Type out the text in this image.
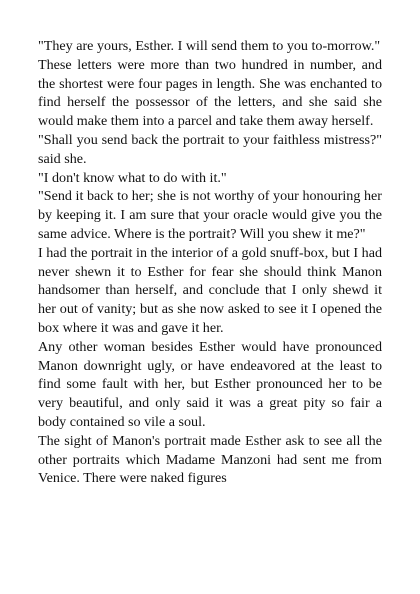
"They are yours, Esther. I will send them to you to-morrow."

These letters were more than two hundred in number, and the shortest were four pages in length. She was enchanted to find herself the possessor of the letters, and she said she would make them into a parcel and take them away herself.

"Shall you send back the portrait to your faithless mistress?" said she.

"I don't know what to do with it."

"Send it back to her; she is not worthy of your honouring her by keeping it. I am sure that your oracle would give you the same advice. Where is the portrait? Will you shew it me?"

I had the portrait in the interior of a gold snuff-box, but I had never shewn it to Esther for fear she should think Manon handsomer than herself, and conclude that I only shewd it her out of vanity; but as she now asked to see it I opened the box where it was and gave it her.

Any other woman besides Esther would have pronounced Manon downright ugly, or have endeavored at the least to find some fault with her, but Esther pronounced her to be very beautiful, and only said it was a great pity so fair a body contained so vile a soul.

The sight of Manon's portrait made Esther ask to see all the other portraits which Madame Manzoni had sent me from Venice. There were naked figures
